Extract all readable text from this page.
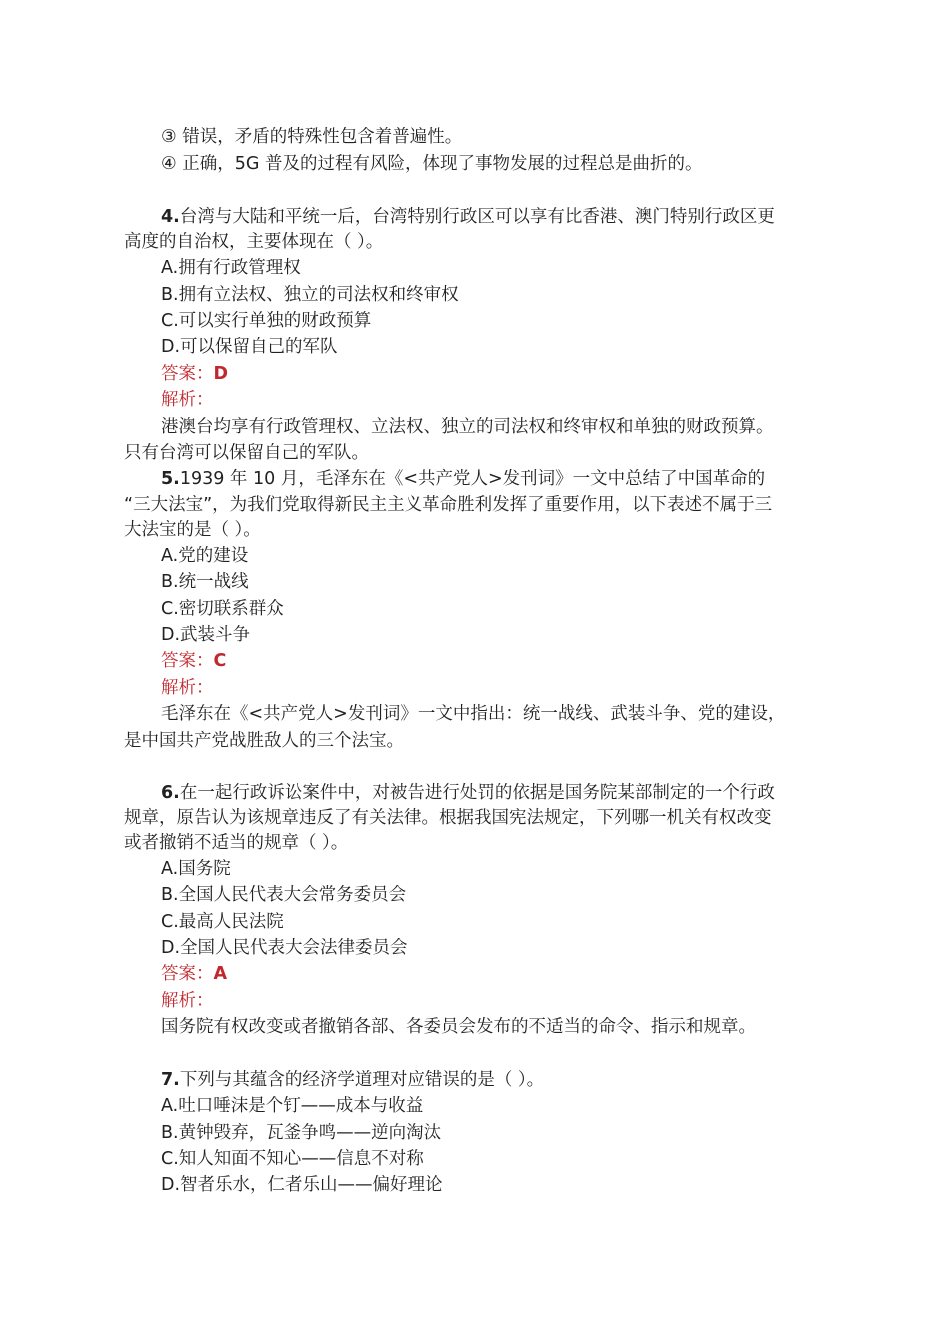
③ 错误，矛盾的特殊性包含着普遍性。
④ 正确，5G 普及的过程有风险，体现了事物发展的过程总是曲折的。
4.台湾与大陆和平统一后，台湾特别行政区可以享有比香港、澳门特别行政区更
高度的自治权，主要体现在（ ）。
A.拥有行政管理权
B.拥有立法权、独立的司法权和终审权
C.可以实行单独的财政预算
D.可以保留自己的军队
答案：D
解析：
港澳台均享有行政管理权、立法权、独立的司法权和终审权和单独的财政预算。
只有台湾可以保留自己的军队。
5.1939 年 10 月，毛泽东在《<共产党人>发刊词》一文中总结了中国革命的
“三大法宝”，为我们党取得新民主主义革命胜利发挥了重要作用，以下表述不属于三
大法宝的是（ ）。
A.党的建设
B.统一战线
C.密切联系群众
D.武装斗争
答案：C
解析：
毛泽东在《<共产党人>发刊词》一文中指出：统一战线、武装斗争、党的建设，
是中国共产党战胜敌人的三个法宝。
6.在一起行政诉讼案件中，对被告进行处罚的依据是国务院某部制定的一个行政
规章，原告认为该规章违反了有关法律。根据我国宪法规定，下列哪一机关有权改变
或者撤销不适当的规章（ ）。
A.国务院
B.全国人民代表大会常务委员会
C.最高人民法院
D.全国人民代表大会法律委员会
答案：A
解析：
国务院有权改变或者撤销各部、各委员会发布的不适当的命令、指示和规章。
7.下列与其蕴含的经济学道理对应错误的是（ ）。
A.吐口唾沫是个钉——成本与收益
B.黄钟毁弃，瓦釜争鸣——逆向淘汰
C.知人知面不知心——信息不对称
D.智者乐水，仁者乐山——偏好理论
